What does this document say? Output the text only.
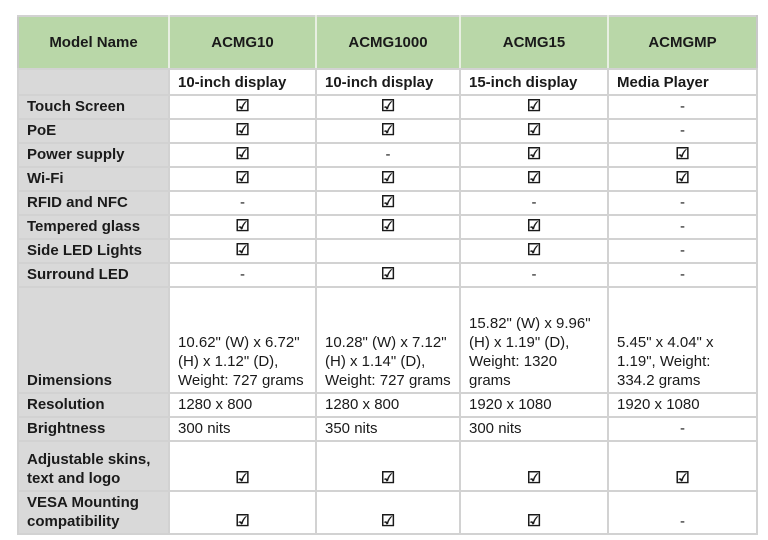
Model Name	ACMG10	ACMG1000	ACMG15	ACMGMP
	10-inch display	10-inch display	15-inch display	Media Player
Touch Screen	☑	☑	☑	-
PoE	☑	☑	☑	-
Power supply	☑	-	☑	☑
Wi-Fi	☑	☑	☑	☑
RFID and NFC	-	☑	-	-
Tempered glass	☑	☑	☑	-
Side LED Lights	☑		☑	-
Surround LED	-	☑	-	-
Dimensions	10.62" (W) x 6.72" (H) x 1.12" (D), Weight: 727 grams	10.28" (W) x 7.12" (H) x 1.14" (D), Weight: 727 grams	15.82" (W) x 9.96" (H) x 1.19" (D), Weight: 1320 grams	5.45" x 4.04" x 1.19", Weight: 334.2 grams
Resolution	1280 x 800	1280 x 800	1920 x 1080	1920 x 1080
Brightness	300 nits	350 nits	300 nits	-
Adjustable skins, text and logo	☑	☑	☑	☑
VESA Mounting compatibility	☑	☑	☑	-
